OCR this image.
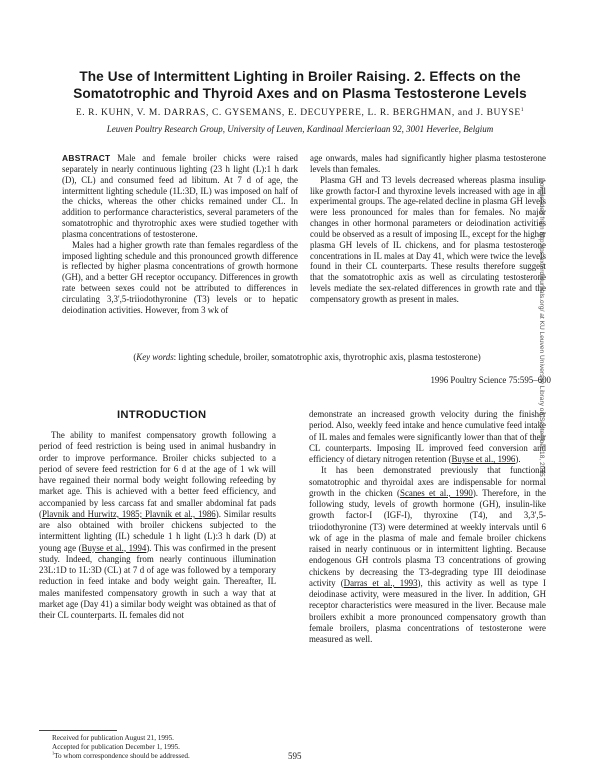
The Use of Intermittent Lighting in Broiler Raising. 2. Effects on the Somatotrophic and Thyroid Axes and on Plasma Testosterone Levels

E. R. KUHN, V. M. DARRAS, C. GYSEMANS, E. DECUYPERE, L. R. BERGHMAN, and J. BUYSE$^1$

Leuven Poultry Research Group, University of Leuven, Kardinaal Mercierlaan 92, 3001 Heverlee, Belgium

ABSTRACT Male and female broiler chicks were raised separately in nearly continuous lighting (23 h light (L):1 h dark (D), CL) and consumed feed ad libitum. At 7 d of age, the intermittent lighting schedule (1L:3D, IL) was imposed on half of the chicks, whereas the other chicks remained under CL. In addition to performance characteristics, several parameters of the somatotrophic and thyrotrophic axes were studied together with plasma concentrations of testosterone.
Males had a higher growth rate than females regardless of the imposed lighting schedule and this pronounced growth difference is reflected by higher plasma concentrations of growth hormone (GH), and a better GH receptor occupancy. Differences in growth rate between sexes could not be attributed to differences in circulating 3,3',5-triiodothyronine (T3) levels or to hepatic deiodination activities. However, from 3 wk of

age onwards, males had significantly higher plasma testosterone levels than females.

Plasma GH and T3 levels decreased whereas plasma insulin-like growth factor-I and thyroxine levels increased with age in all experimental groups. The age-related decline in plasma GH levels were less pronounced for males than for females. No major changes in other hormonal parameters or deiodination activities could be observed as a result of imposing IL, except for the higher plasma GH levels of IL chickens, and for plasma testosterone concentrations in IL males at Day 41, which were twice the levels found in their CL counterparts. These results therefore suggest that the somatotrophic axis as well as circulating testosterone levels mediate the sex-related differences in growth rate and the compensatory growth as present in males.

(Key words: lighting schedule, broiler, somatotrophic axis, thyrotrophic axis, plasma testosterone)

1996 Poultry Science 75:595–600

INTRODUCTION

The ability to manifest compensatory growth following a period of feed restriction is being used in animal husbandry in order to improve performance. Broiler chicks subjected to a period of severe feed restriction for 6 d at the age of 1 wk will have regained their normal body weight following refeeding by market age. This is achieved with a better feed efficiency, and accompanied by less carcass fat and smaller abdominal fat pads (Plavnik and Hurwitz, 1985; Plavnik et al., 1986). Similar results are also obtained with broiler chickens subjected to the intermittent lighting (IL) schedule 1 h light (L):3 h dark (D) at young age (Buyse et al., 1994). This was confirmed in the present study. Indeed, changing from nearly continuous illumination 23L:1D to 1L:3D (CL) at 7 d of age was followed by a temporary reduction in feed intake and body weight gain. Thereafter, IL males manifested compensatory growth in such a way that at market age (Day 41) a similar body weight was obtained as that of their CL counterparts. IL females did not

demonstrate an increased growth velocity during the finisher period. Also, weekly feed intake and hence cumulative feed intake of IL males and females were significantly lower than that of their CL counterparts. Imposing IL improved feed conversion and efficiency of dietary nitrogen retention (Buyse et al., 1996).

It has been demonstrated previously that functional somatotrophic and thyroidal axes are indispensable for normal growth in the chicken (Scanes et al., 1990). Therefore, in the following study, levels of growth hormone (GH), insulin-like growth factor-I (IGF-I), thyroxine (T4), and 3,3',5-triiodothyronine (T3) were determined at weekly intervals until 6 wk of age in the plasma of male and female broiler chickens raised in nearly continuous or in intermittent lighting. Because endogenous GH controls plasma T3 concentrations of growing chickens by decreasing the T3-degrading type III deiodinase activity (Darras et al., 1993), this activity as well as type I deiodinase activity, were measured in the liver. In addition, GH receptor characteristics were measured in the liver. Because male broilers exhibit a more pronounced compensatory growth than female broilers, plasma concentrations of testosterone were measured as well.

Received for publication August 21, 1995.
Accepted for publication December 1, 1995.
$^1$To whom correspondence should be addressed.	595

Downloaded from http://ps.oxfordjournals.org/ at KU Leuven University Library on September 18, 2015
